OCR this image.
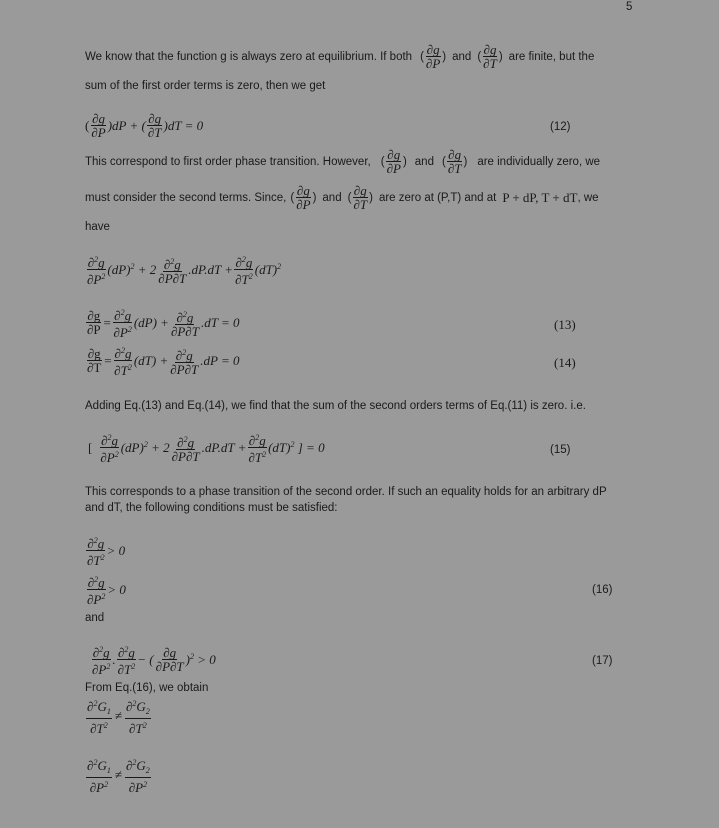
5
We know that the function g is always zero at equilibrium. If both ( $\frac{\partial g}{\partial P}$ ) and ( $\frac{\partial g}{\partial T}$ ) are finite, but the
sum of the first order terms is zero, then we get
( $\frac{\partial g}{\partial P} )dP$ + ( $\frac{\partial g}{\partial T} )dT = 0$	(12)
This correspond to first order phase transition. However, ( $\frac{\partial g}{\partial P}$ ) and ( $\frac{\partial g}{\partial T}$ ) are individually zero, we
must consider the second terms. Since, ( $\frac{\partial g}{\partial P}$ ) and ( $\frac{\partial g}{\partial T}$ ) are zero at (P,T) and at P + dP, T + dT , we
have
$\frac{\partial^2g}{\partial P^2} (dP)^2 + 2 \frac{\partial^2g}{\partial P\partial T} .dP.dT + \frac{\partial^2g}{\partial T^2} (dT)^2$
$\frac{\partial g}{\partial P} = \frac{\partial^2g}{\partial P^2} (dP) + \frac{\partial^2g}{\partial P\partial T} .dT = 0$	(13)
$\frac{\partial g}{\partial T} = \frac{\partial^2g}{\partial T^2} (dT) + \frac{\partial^2g}{\partial P\partial T} .dP = 0$	(14)
Adding Eq.(13) and Eq.(14), we find that the sum of the second orders terms of Eq.(11) is zero. i.e.
[ $\frac{\partial^2g}{\partial P^2} (dP)^2 + 2 \frac{\partial^2g}{\partial P\partial T} .dP.dT + \frac{\partial^2g}{\partial T^2} (dT)^2$ ] = 0	(15)
This corresponds to a phase transition of the second order. If such an equality holds for an arbitrary dP
and dT, the following conditions must be satisfied:
$\frac{\partial^2g}{\partial T^2} > 0$
$\frac{\partial^2g}{\partial P^2} > 0$	(16)
and
$\frac{\partial^2g}{\partial P^2}$ . $\frac{\partial^2g}{\partial T^2}$ − ( $\frac{\partial g}{\partial P\partial T} )^2 > 0$	(17)
From Eq.(16), we obtain
$\frac{\partial^2G_1}{\partial T^2} \ne \frac{\partial^2G_2}{\partial T^2}$
$\frac{\partial^2G_1}{\partial P^2} \ne \frac{\partial^2G_2}{\partial P^2}$
